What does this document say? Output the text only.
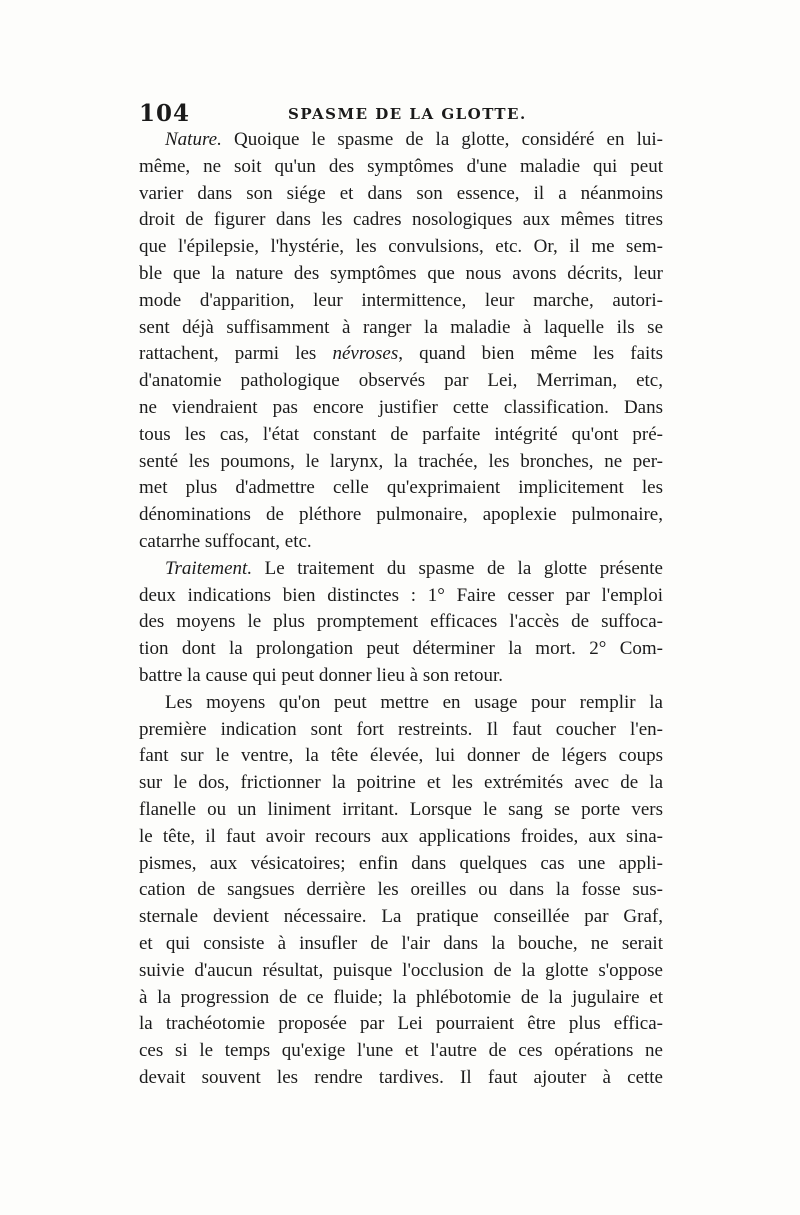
104	SPASME DE LA GLOTTE.
Nature. Quoique le spasme de la glotte, considéré en lui-
même, ne soit qu'un des symptômes d'une maladie qui peut
varier dans son siége et dans son essence, il a néanmoins
droit de figurer dans les cadres nosologiques aux mêmes titres
que l'épilepsie, l'hystérie, les convulsions, etc. Or, il me sem-
ble que la nature des symptômes que nous avons décrits, leur
mode d'apparition, leur intermittence, leur marche, autori-
sent déjà suffisamment à ranger la maladie à laquelle ils se
rattachent, parmi les névroses, quand bien même les faits
d'anatomie pathologique observés par Lei, Merriman, etc,
ne viendraient pas encore justifier cette classification. Dans
tous les cas, l'état constant de parfaite intégrité qu'ont pré-
senté les poumons, le larynx, la trachée, les bronches, ne per-
met plus d'admettre celle qu'exprimaient implicitement les
dénominations de pléthore pulmonaire, apoplexie pulmonaire,
catarrhe suffocant, etc.
Traitement. Le traitement du spasme de la glotte présente
deux indications bien distinctes : 1° Faire cesser par l'emploi
des moyens le plus promptement efficaces l'accès de suffoca-
tion dont la prolongation peut déterminer la mort. 2° Com-
battre la cause qui peut donner lieu à son retour.
Les moyens qu'on peut mettre en usage pour remplir la
première indication sont fort restreints. Il faut coucher l'en-
fant sur le ventre, la tête élevée, lui donner de légers coups
sur le dos, frictionner la poitrine et les extrémités avec de la
flanelle ou un liniment irritant. Lorsque le sang se porte vers
le tête, il faut avoir recours aux applications froides, aux sina-
pismes, aux vésicatoires; enfin dans quelques cas une appli-
cation de sangsues derrière les oreilles ou dans la fosse sus-
sternale devient nécessaire. La pratique conseillée par Graf,
et qui consiste à insufler de l'air dans la bouche, ne serait
suivie d'aucun résultat, puisque l'occlusion de la glotte s'oppose
à la progression de ce fluide; la phlébotomie de la jugulaire et
la trachéotomie proposée par Lei pourraient être plus effica-
ces si le temps qu'exige l'une et l'autre de ces opérations ne
devait souvent les rendre tardives. Il faut ajouter à cette
